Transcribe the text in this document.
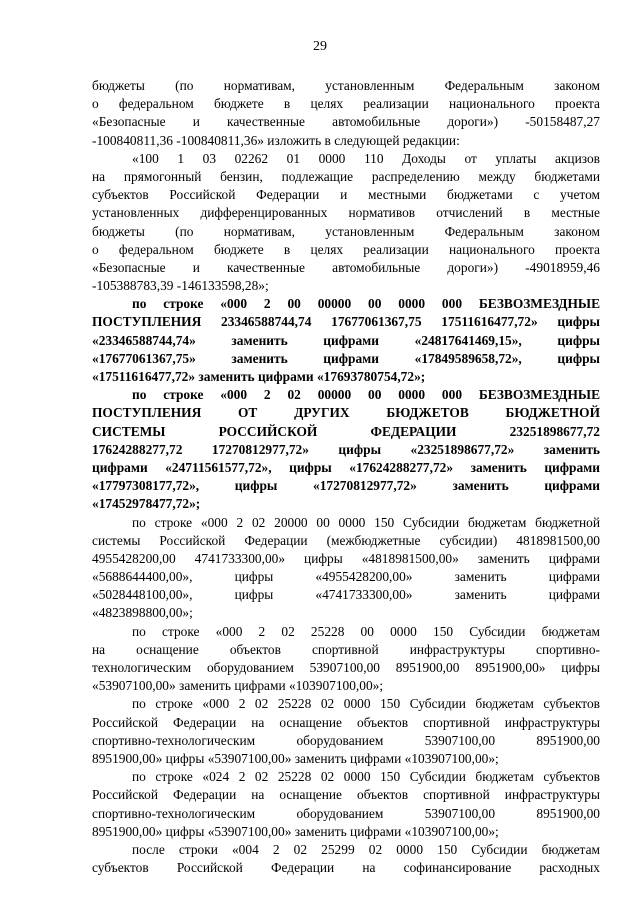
29
бюджеты (по нормативам, установленным Федеральным законом
о федеральном бюджете в целях реализации национального проекта
«Безопасные и качественные автомобильные дороги») -50158487,27
-100840811,36 -100840811,36» изложить в следующей редакции:
«100 1 03 02262 01 0000 110 Доходы от уплаты акцизов
на прямогонный бензин, подлежащие распределению между бюджетами
субъектов Российской Федерации и местными бюджетами с учетом
установленных дифференцированных нормативов отчислений в местные
бюджеты (по нормативам, установленным Федеральным законом
о федеральном бюджете в целях реализации национального проекта
«Безопасные и качественные автомобильные дороги») -49018959,46
-105388783,39 -146133598,28»;
по строке «000 2 00 00000 00 0000 000 БЕЗВОЗМЕЗДНЫЕ
ПОСТУПЛЕНИЯ 23346588744,74 17677061367,75 17511616477,72» цифры
«23346588744,74» заменить цифрами «24817641469,15», цифры
«17677061367,75» заменить цифрами «17849589658,72», цифры
«17511616477,72» заменить цифрами «17693780754,72»;
по строке «000 2 02 00000 00 0000 000 БЕЗВОЗМЕЗДНЫЕ
ПОСТУПЛЕНИЯ ОТ ДРУГИХ БЮДЖЕТОВ БЮДЖЕТНОЙ
СИСТЕМЫ РОССИЙСКОЙ ФЕДЕРАЦИИ 23251898677,72
17624288277,72 17270812977,72» цифры «23251898677,72» заменить
цифрами «24711561577,72», цифры «17624288277,72» заменить цифрами
«17797308177,72», цифры «17270812977,72» заменить цифрами
«17452978477,72»;
по строке «000 2 02 20000 00 0000 150 Субсидии бюджетам бюджетной
системы Российской Федерации (межбюджетные субсидии) 4818981500,00
4955428200,00 4741733300,00» цифры «4818981500,00» заменить цифрами
«5688644400,00», цифры «4955428200,00» заменить цифрами
«5028448100,00», цифры «4741733300,00» заменить цифрами
«4823898800,00»;
по строке «000 2 02 25228 00 0000 150 Субсидии бюджетам
на оснащение объектов спортивной инфраструктуры спортивно-
технологическим оборудованием 53907100,00 8951900,00 8951900,00» цифры
«53907100,00» заменить цифрами «103907100,00»;
по строке «000 2 02 25228 02 0000 150 Субсидии бюджетам субъектов
Российской Федерации на оснащение объектов спортивной инфраструктуры
спортивно-технологическим оборудованием 53907100,00 8951900,00
8951900,00» цифры «53907100,00» заменить цифрами «103907100,00»;
по строке «024 2 02 25228 02 0000 150 Субсидии бюджетам субъектов
Российской Федерации на оснащение объектов спортивной инфраструктуры
спортивно-технологическим оборудованием 53907100,00 8951900,00
8951900,00» цифры «53907100,00» заменить цифрами «103907100,00»;
после строки «004 2 02 25299 02 0000 150 Субсидии бюджетам
субъектов Российской Федерации на софинансирование расходных
